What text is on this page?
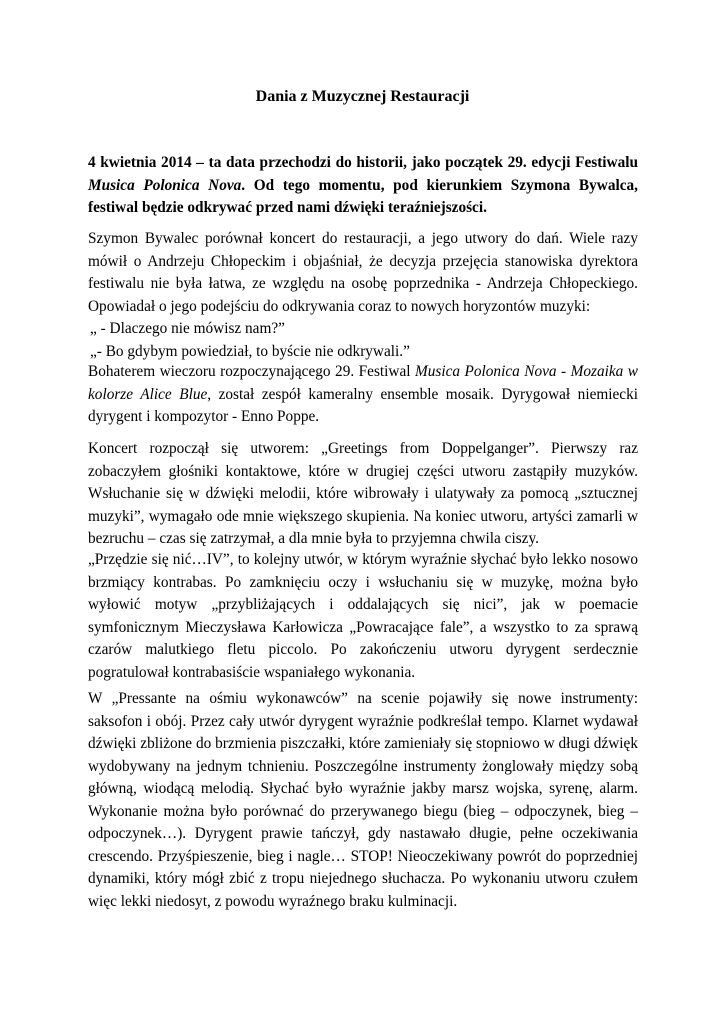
Dania z Muzycznej Restauracji

4 kwietnia 2014 – ta data przechodzi do historii, jako początek 29. edycji Festiwalu Musica Polonica Nova. Od tego momentu, pod kierunkiem Szymona Bywalca, festiwal będzie odkrywać przed nami dźwięki teraźniejszości.

Szymon Bywalec porównał koncert do restauracji, a jego utwory do dań. Wiele razy mówił o Andrzeju Chłopeckim i objaśniał, że decyzja przejęcia stanowiska dyrektora festiwalu nie była łatwa, ze względu na osobę poprzednika - Andrzeja Chłopeckiego. Opowiadał o jego podejściu do odkrywania coraz to nowych horyzontów muzyki:
„ - Dlaczego nie mówisz nam?”
„- Bo gdybym powiedział, to byście nie odkrywali.”

Bohaterem wieczoru rozpoczynającego 29. Festiwal Musica Polonica Nova - Mozaika w kolorze Alice Blue, został zespół kameralny ensemble mosaik. Dyrygował niemiecki dyrygent i kompozytor - Enno Poppe.

Koncert rozpoczął się utworem: „Greetings from Doppelganger”. Pierwszy raz zobaczyłem głośniki kontaktowe, które w drugiej części utworu zastąpiły muzyków. Wsłuchanie się w dźwięki melodii, które wibrowały i ulatywały za pomocą „sztucznej muzyki”, wymagało ode mnie większego skupienia. Na koniec utworu, artyści zamarli w bezruchu – czas się zatrzymał, a dla mnie była to przyjemna chwila ciszy.

„Przędzie się nić…IV”, to kolejny utwór, w którym wyraźnie słychać było lekko nosowo brzmiący kontrabas. Po zamknięciu oczy i wsłuchaniu się w muzykę, można było wyłowić motyw „przybliżających i oddalających się nici”, jak w poemacie symfonicznym Mieczysława Karłowicza „Powracające fale”, a wszystko to za sprawą czarów malutkiego fletu piccolo. Po zakończeniu utworu dyrygent serdecznie pogratulował kontrabasiście wspaniałego wykonania.

W „Pressante na ośmiu wykonawców” na scenie pojawiły się nowe instrumenty: saksofon i obój. Przez cały utwór dyrygent wyraźnie podkreślał tempo. Klarnet wydawał dźwięki zbliżone do brzmienia piszczałki, które zamieniały się stopniowo w długi dźwięk wydobywany na jednym tchnieniu. Poszczególne instrumenty żonglowały między sobą główną, wiodącą melodią. Słychać było wyraźnie jakby marsz wojska, syrenę, alarm. Wykonanie można było porównać do przerywanego biegu (bieg – odpoczynek, bieg – odpoczynek…). Dyrygent prawie tańczył, gdy nastawało długie, pełne oczekiwania crescendo. Przyśpieszenie, bieg i nagle… STOP! Nieoczekiwany powrót do poprzedniej dynamiki, który mógł zbić z tropu niejednego słuchacza. Po wykonaniu utworu czułem więc lekki niedosyt, z powodu wyraźnego braku kulminacji.
